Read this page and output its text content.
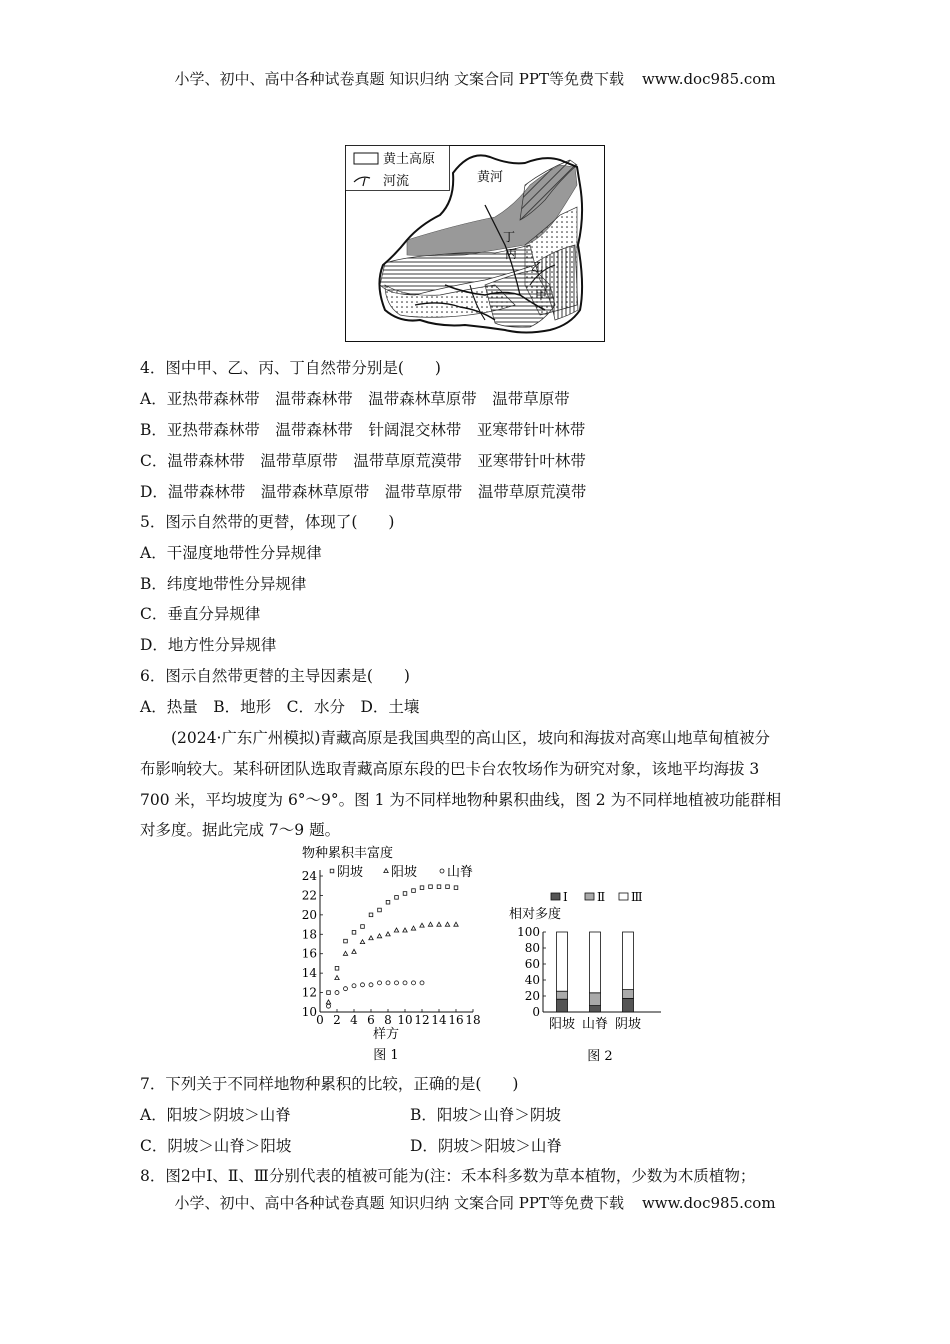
小学、初中、高中各种试卷真题 知识归纳 文案合同 PPT等免费下载 www.doc985.com
黄土高原
河流	黄河
丁
丙
乙
甲
4．图中甲、乙、丙、丁自然带分别是(　　)
A．亚热带森林带　温带森林带　温带森林草原带　温带草原带
B．亚热带森林带　温带森林带　针阔混交林带　亚寒带针叶林带
C．温带森林带　温带草原带　温带草原荒漠带　亚寒带针叶林带
D．温带森林带　温带森林草原带　温带草原带　温带草原荒漠带
5．图示自然带的更替，体现了(　　)
A．干湿度地带性分异规律
B．纬度地带性分异规律
C．垂直分异规律
D．地方性分异规律
6．图示自然带更替的主导因素是(　　)
A．热量　B．地形　C．水分　D．土壤
(2024·广东广州模拟)青藏高原是我国典型的高山区，坡向和海拔对高寒山地草甸植被分
布影响较大。某科研团队选取青藏高原东段的巴卡台农牧场作为研究对象，该地平均海拔 3
700 米，平均坡度为 6°～9°。图 1 为不同样地物种累积曲线，图 2 为不同样地植被功能群相
对多度。据此完成 7～9 题。
物种累积丰富度
阴坡 阳坡 山脊
0 2 4 6 8 10 12 14 16 18
10
12
14
16
18
20
22
24
样方
图 1
Ⅰ Ⅱ Ⅲ
相对多度
0
20
40
60
80
100
阳坡 山脊 阴坡
图 2
7．下列关于不同样地物种累积的比较，正确的是(　　)
A．阳坡＞阴坡＞山脊	B．阳坡＞山脊＞阴坡
C．阴坡＞山脊＞阳坡	D．阴坡＞阳坡＞山脊
8．图2中Ⅰ、Ⅱ、Ⅲ分别代表的植被可能为(注：禾本科多数为草本植物，少数为木质植物；
小学、初中、高中各种试卷真题 知识归纳 文案合同 PPT等免费下载 www.doc985.com
